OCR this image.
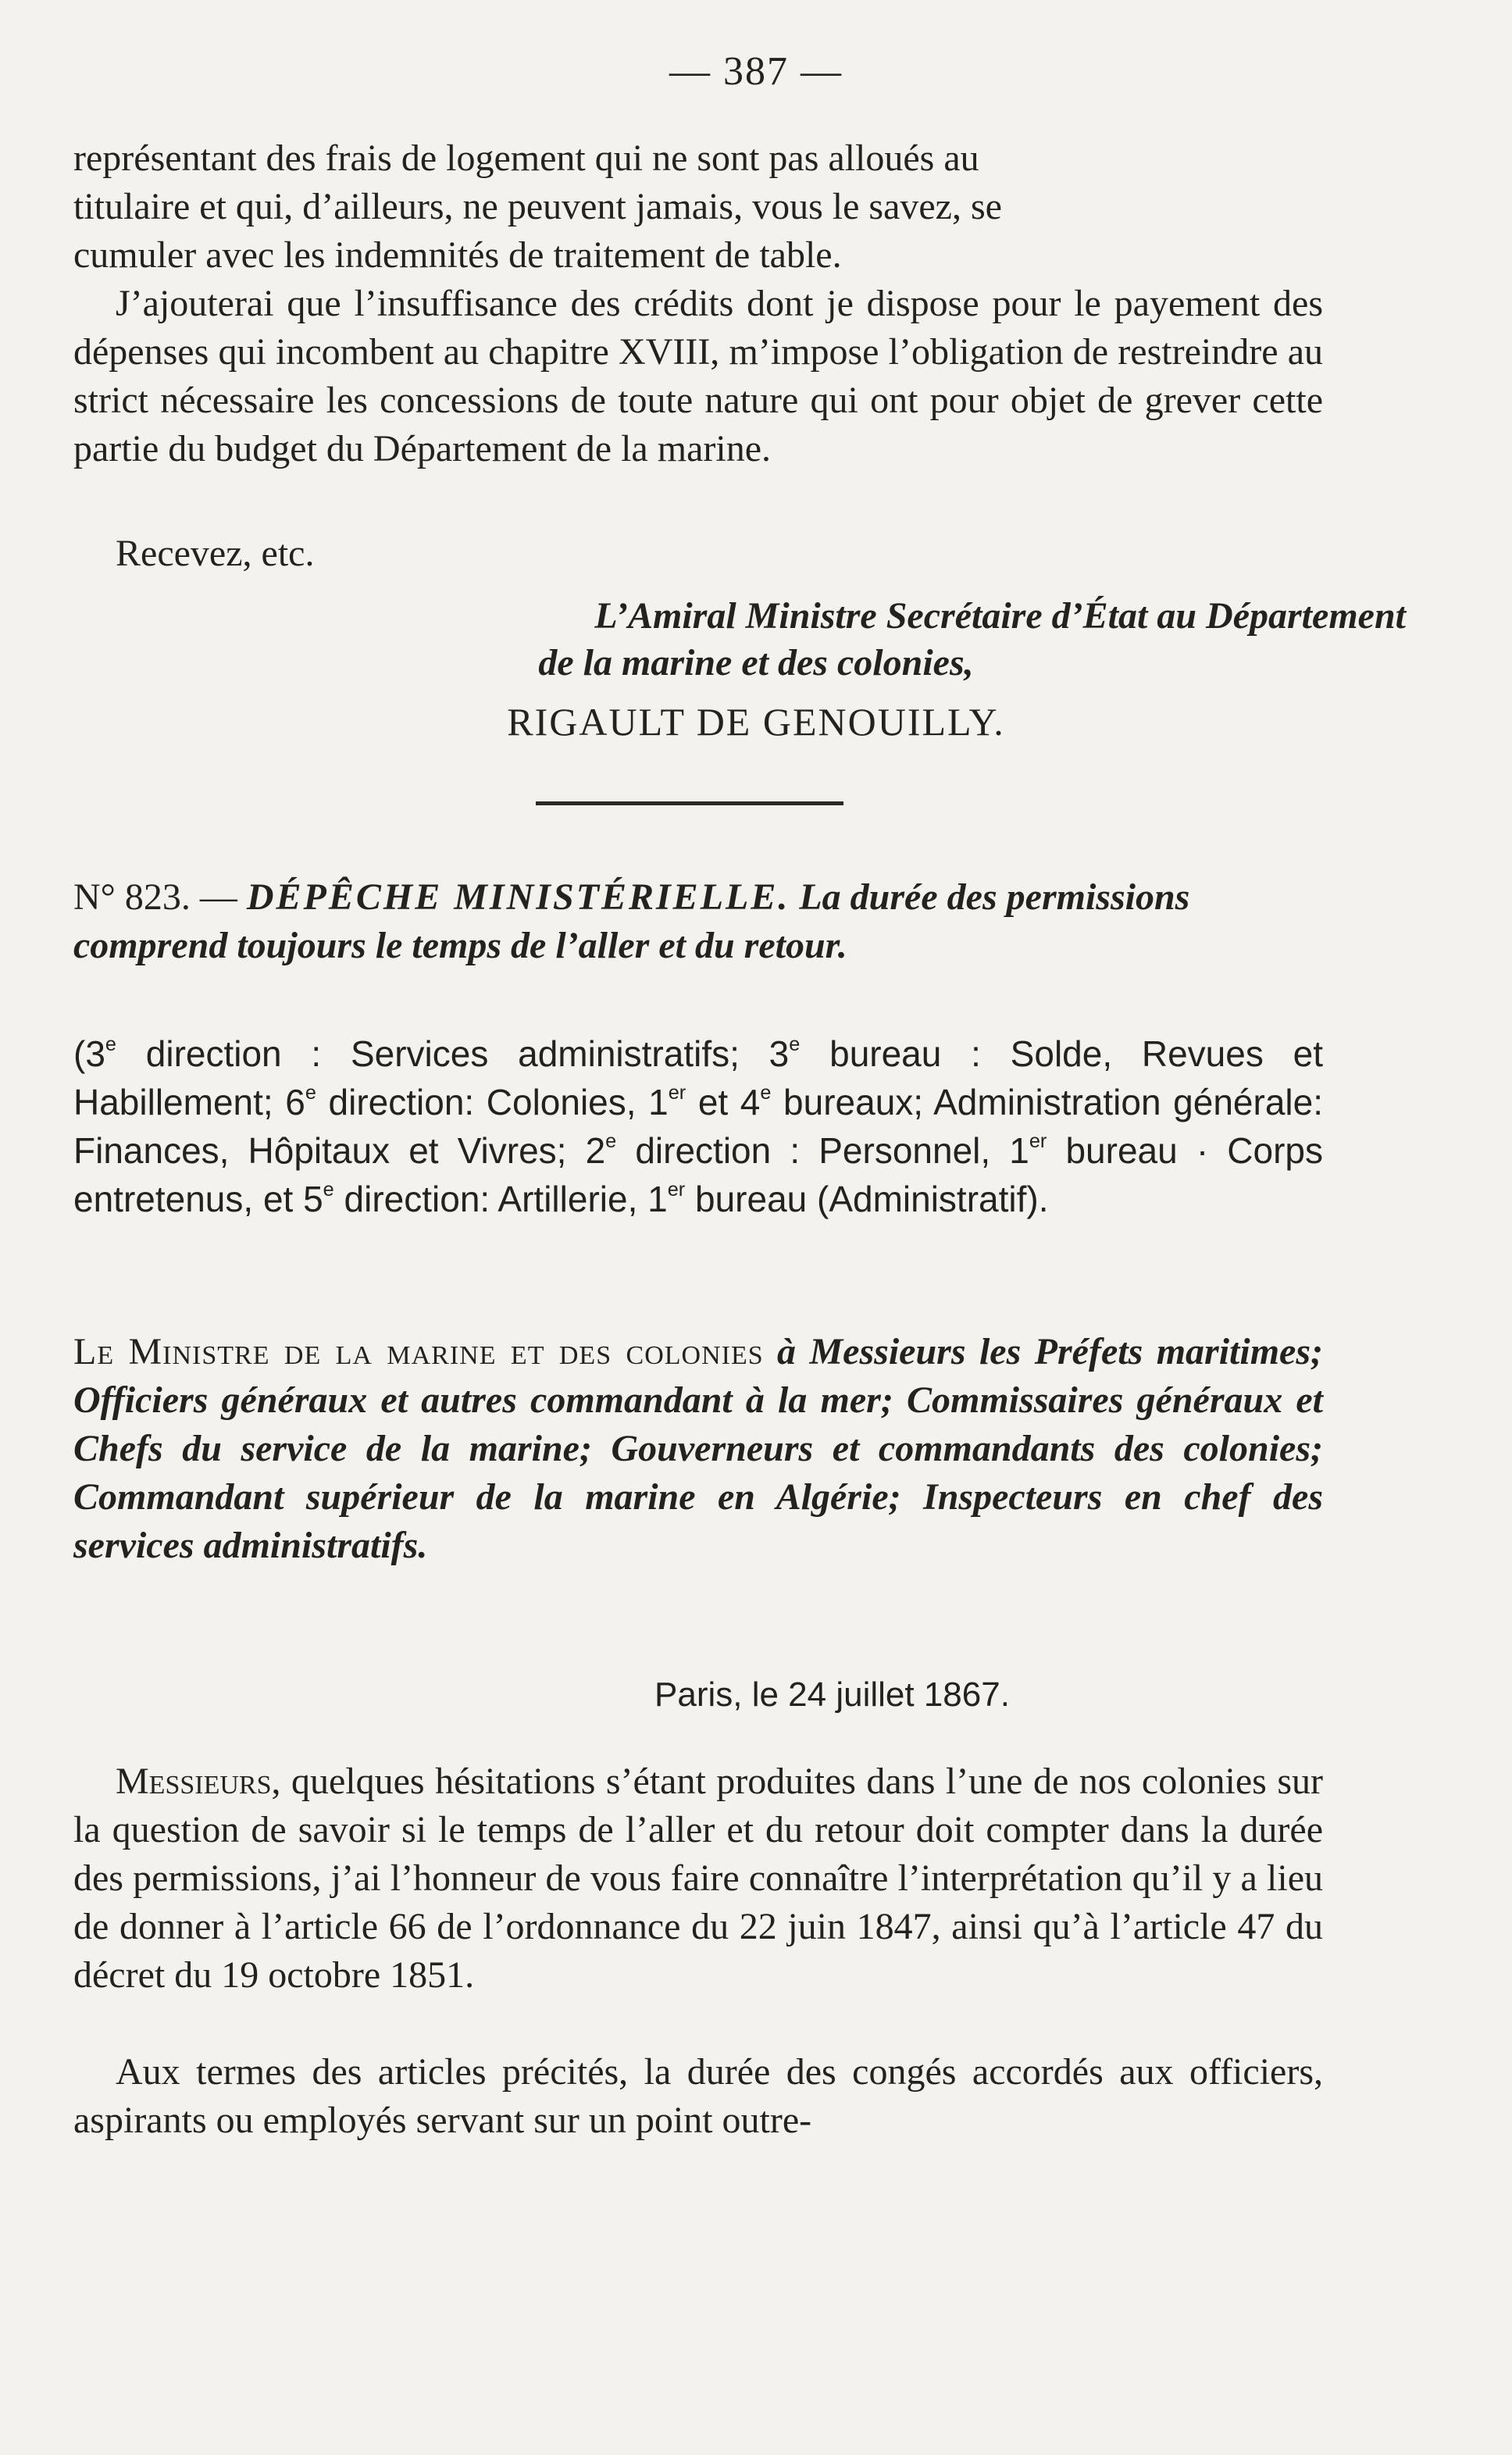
— 387 —

représentant des frais de logement qui ne sont pas alloués au
titulaire et qui, d’ailleurs, ne peuvent jamais, vous le savez, se
cumuler avec les indemnités de traitement de table.

J’ajouterai que l’insuffisance des crédits dont je dispose pour le payement des dépenses qui incombent au chapitre XVIII, m’impose l’obligation de restreindre au strict nécessaire les concessions de toute nature qui ont pour objet de grever cette partie du budget du Département de la marine.

Recevez, etc.

L’Amiral Ministre Secrétaire d’État au Département
de la marine et des colonies,
RIGAULT DE GENOUILLY.

N° 823. — DÉPÊCHE MINISTÉRIELLE. La durée des permissions comprend toujours le temps de l’aller et du retour.

(3e direction : Services administratifs; 3e bureau : Solde, Revues et Habillement; 6e direction: Colonies, 1er et 4e bureaux; Administration générale: Finances, Hôpitaux et Vivres; 2e direction : Personnel, 1er bureau · Corps entretenus, et 5e direction: Artillerie, 1er bureau (Administratif).

Le Ministre de la marine et des colonies à Messieurs les Préfets maritimes; Officiers généraux et autres commandant à la mer; Commissaires généraux et Chefs du service de la marine; Gouverneurs et commandants des colonies; Commandant supérieur de la marine en Algérie; Inspecteurs en chef des services administratifs.

Paris, le 24 juillet 1867.

Messieurs, quelques hésitations s’étant produites dans l’une de nos colonies sur la question de savoir si le temps de l’aller et du retour doit compter dans la durée des permissions, j’ai l’honneur de vous faire connaître l’interprétation qu’il y a lieu de donner à l’article 66 de l’ordonnance du 22 juin 1847, ainsi qu’à l’article 47 du décret du 19 octobre 1851.

Aux termes des articles précités, la durée des congés accordés aux officiers, aspirants ou employés servant sur un point outre-
